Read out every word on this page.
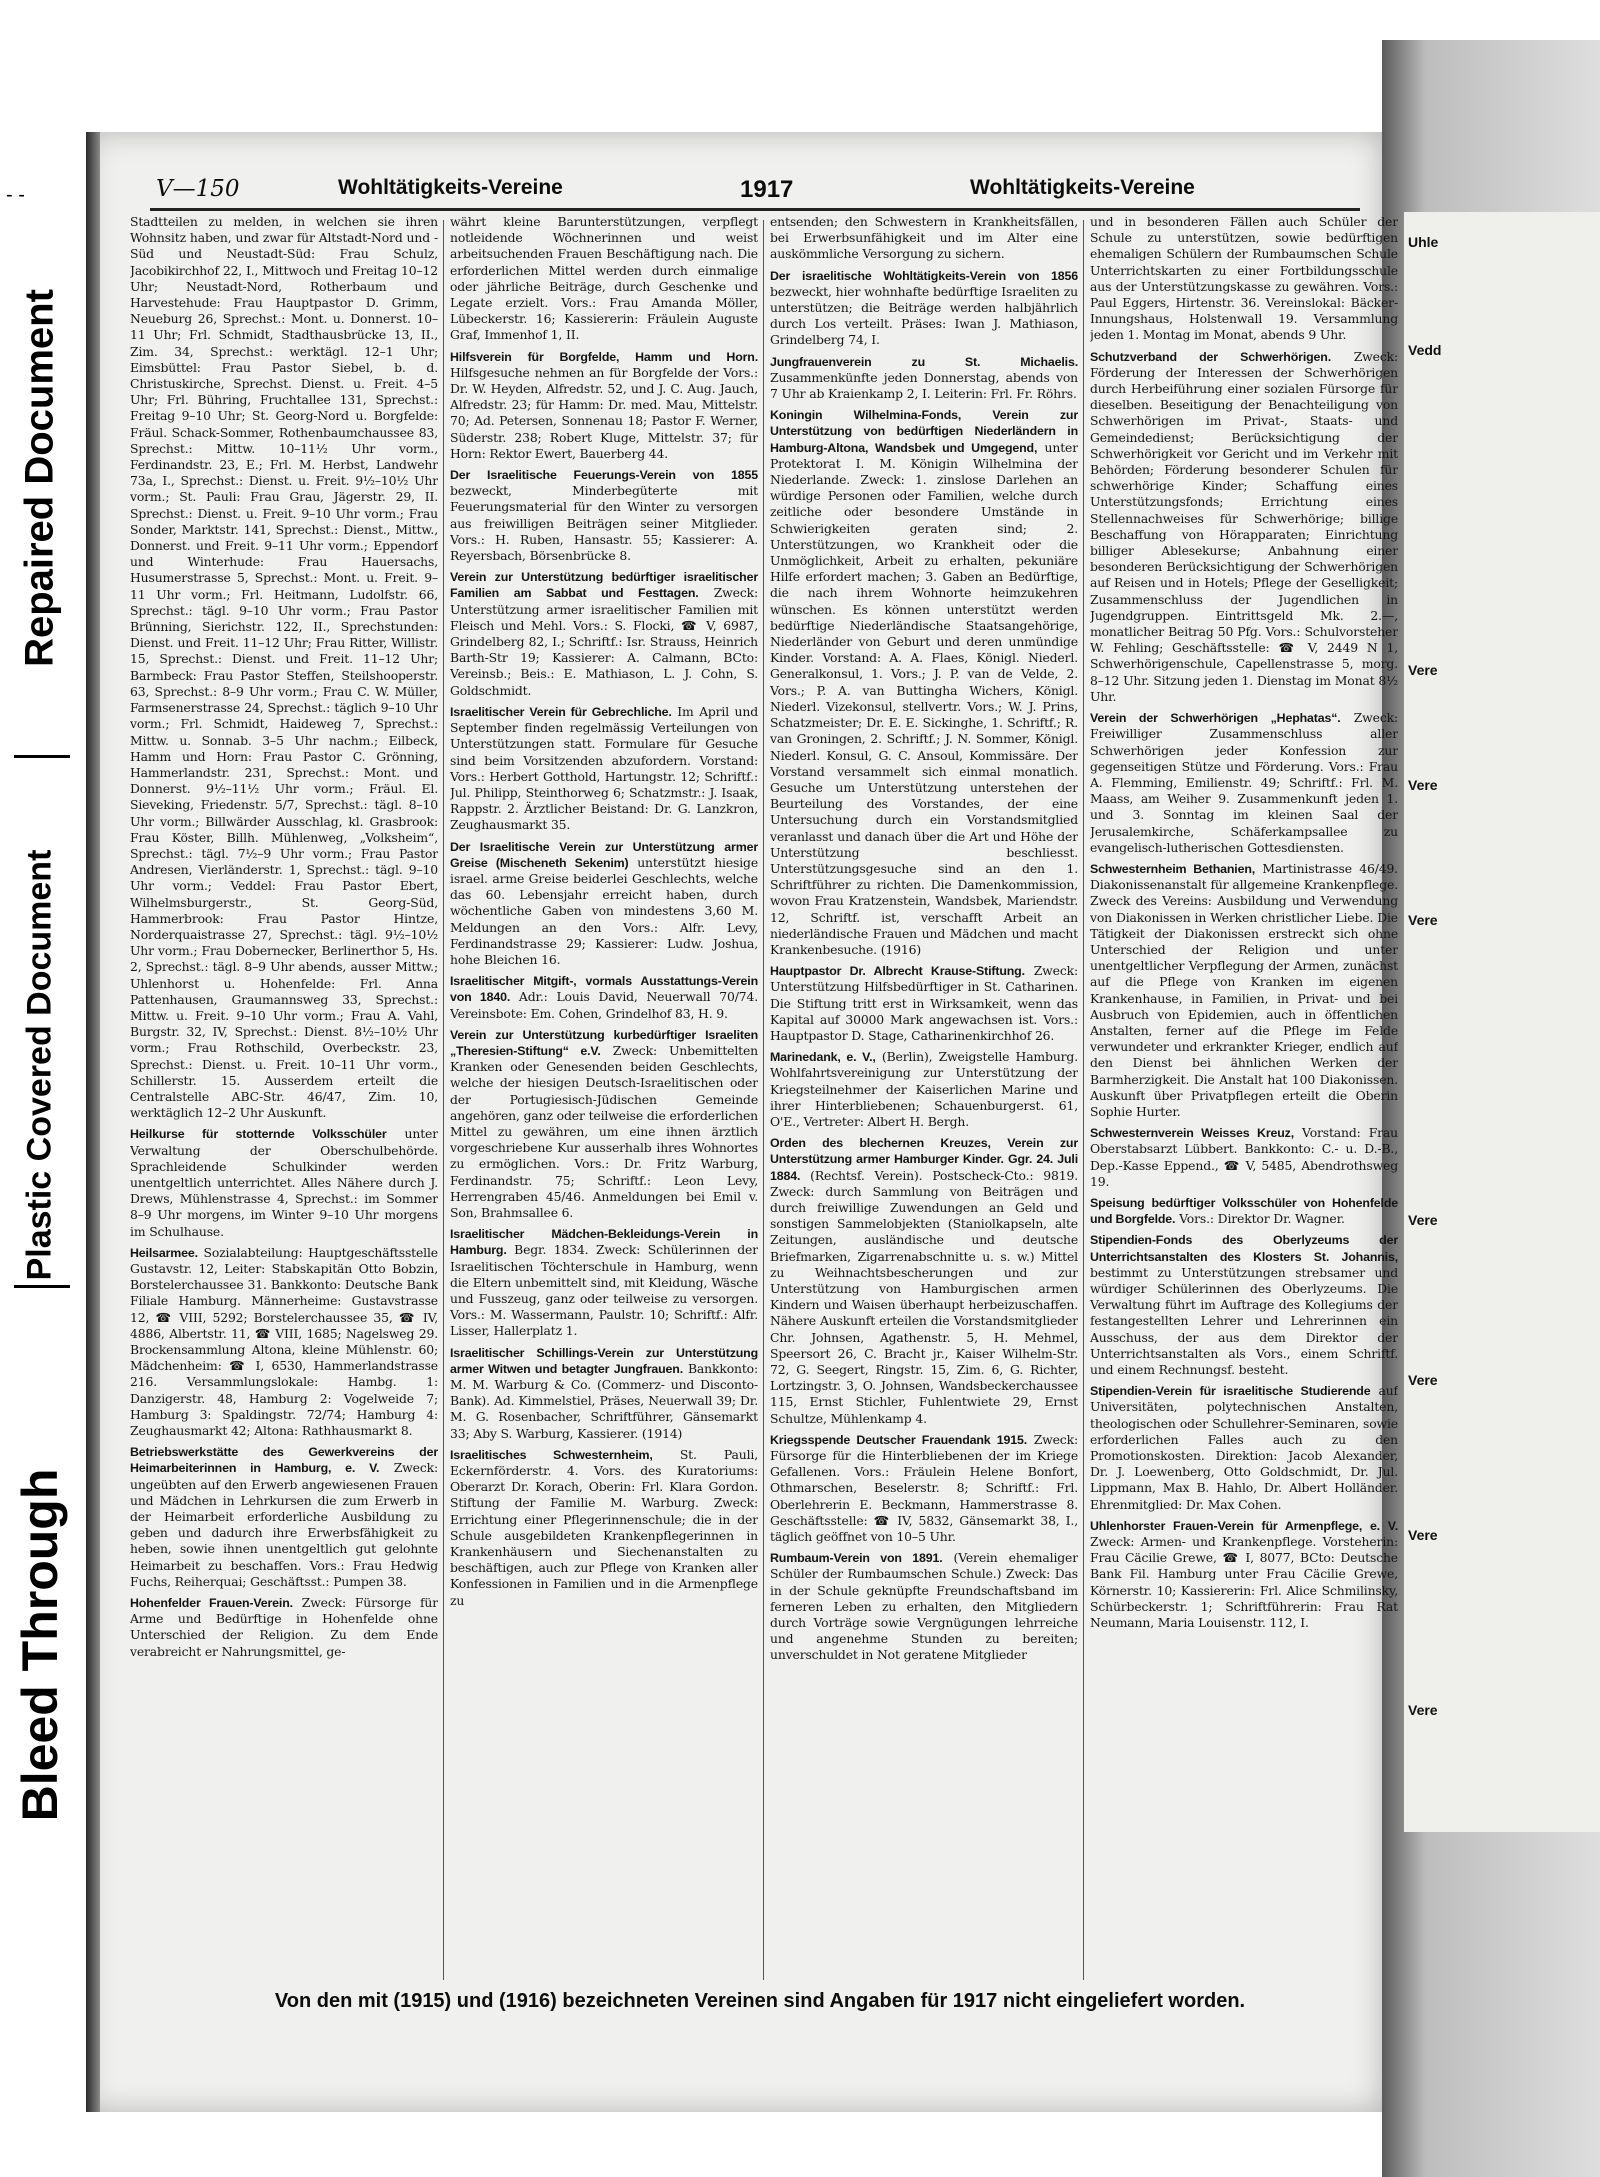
- -
Bleed Through
Plastic Covered Document
Repaired Document
Uhle
Vedd
Vere
Vere
Vere
Vere
Vere
Vere
Vere
V—150	Wohltätigkeits-Vereine	1917	Wohltätigkeits-Vereine

Stadtteilen zu melden, in welchen sie ihren Wohnsitz haben, und zwar für Altstadt-Nord und -Süd und Neustadt-Süd: Frau Schulz, Jacobikirchhof 22, I., Mittwoch und Freitag 10–12 Uhr; Neustadt-Nord, Rotherbaum und Harvestehude: Frau Hauptpastor D. Grimm, Neueburg 26, Sprechst.: Mont. u. Donnerst. 10–11 Uhr; Frl. Schmidt, Stadthausbrücke 13, II., Zim. 34, Sprechst.: werktägl. 12–1 Uhr; Eimsbüttel: Frau Pastor Siebel, b. d. Christuskirche, Sprechst. Dienst. u. Freit. 4–5 Uhr; Frl. Bühring, Fruchtallee 131, Sprechst.: Freitag 9–10 Uhr; St. Georg-Nord u. Borgfelde: Fräul. Schack-Sommer, Rothenbaumchaussee 83, Sprechst.: Mittw. 10–11½ Uhr vorm., Ferdinandstr. 23, E.; Frl. M. Herbst, Landwehr 73a, I., Sprechst.: Dienst. u. Freit. 9½–10½ Uhr vorm.; St. Pauli: Frau Grau, Jägerstr. 29, II. Sprechst.: Dienst. u. Freit. 9–10 Uhr vorm.; Frau Sonder, Marktstr. 141, Sprechst.: Dienst., Mittw., Donnerst. und Freit. 9–11 Uhr vorm.; Eppendorf und Winterhude: Frau Hauersachs, Husumerstrasse 5, Sprechst.: Mont. u. Freit. 9–11 Uhr vorm.; Frl. Heitmann, Ludolfstr. 66, Sprechst.: tägl. 9–10 Uhr vorm.; Frau Pastor Brünning, Sierichstr. 122, II., Sprechstunden: Dienst. und Freit. 11–12 Uhr; Frau Ritter, Willistr. 15, Sprechst.: Dienst. und Freit. 11–12 Uhr; Barmbeck: Frau Pastor Steffen, Steilshooperstr. 63, Sprechst.: 8–9 Uhr vorm.; Frau C. W. Müller, Farmsenerstrasse 24, Sprechst.: täglich 9–10 Uhr vorm.; Frl. Schmidt, Haideweg 7, Sprechst.: Mittw. u. Sonnab. 3–5 Uhr nachm.; Eilbeck, Hamm und Horn: Frau Pastor C. Grönning, Hammerlandstr. 231, Sprechst.: Mont. und Donnerst. 9½–11½ Uhr vorm.; Fräul. El. Sieveking, Friedenstr. 5/7, Sprechst.: tägl. 8–10 Uhr vorm.; Billwärder Ausschlag, kl. Grasbrook: Frau Köster, Billh. Mühlenweg, „Volksheim“, Sprechst.: tägl. 7½–9 Uhr vorm.; Frau Pastor Andresen, Vierländerstr. 1, Sprechst.: tägl. 9–10 Uhr vorm.; Veddel: Frau Pastor Ebert, Wilhelmsburgerstr., St. Georg-Süd, Hammerbrook: Frau Pastor Hintze, Norderquaistrasse 27, Sprechst.: tägl. 9½–10½ Uhr vorm.; Frau Dobernecker, Berlinerthor 5, Hs. 2, Sprechst.: tägl. 8–9 Uhr abends, ausser Mittw.; Uhlenhorst u. Hohenfelde: Frl. Anna Pattenhausen, Graumannsweg 33, Sprechst.: Mittw. u. Freit. 9–10 Uhr vorm.; Frau A. Vahl, Burgstr. 32, IV, Sprechst.: Dienst. 8½–10½ Uhr vorm.; Frau Rothschild, Overbeckstr. 23, Sprechst.: Dienst. u. Freit. 10–11 Uhr vorm., Schillerstr. 15. Ausserdem erteilt die Centralstelle ABC-Str. 46/47, Zim. 10, werktäglich 12–2 Uhr Auskunft.

Heilkurse für stotternde Volksschüler unter Verwaltung der Oberschulbehörde. Sprachleidende Schulkinder werden unentgeltlich unterrichtet. Alles Nähere durch J. Drews, Mühlenstrasse 4, Sprechst.: im Sommer 8–9 Uhr morgens, im Winter 9–10 Uhr morgens im Schulhause.

Heilsarmee. Sozialabteilung: Hauptgeschäftsstelle Gustavstr. 12, Leiter: Stabskapitän Otto Bobzin, Borstelerchaussee 31. Bankkonto: Deutsche Bank Filiale Hamburg. Männerheime: Gustavstrasse 12, ☎ VIII, 5292; Borstelerchaussee 35, ☎ IV, 4886, Albertstr. 11, ☎ VIII, 1685; Nagelsweg 29. Brockensammlung Altona, kleine Mühlenstr. 60; Mädchenheim: ☎ I, 6530, Hammerlandstrasse 216. Versammlungslokale: Hambg. 1: Danzigerstr. 48, Hamburg 2: Vogelweide 7; Hamburg 3: Spaldingstr. 72/74; Hamburg 4: Zeughausmarkt 42; Altona: Rathhausmarkt 8.

Betriebswerkstätte des Gewerkvereins der Heimarbeiterinnen in Hamburg, e. V. Zweck: ungeübten auf den Erwerb angewiesenen Frauen und Mädchen in Lehrkursen die zum Erwerb in der Heimarbeit erforderliche Ausbildung zu geben und dadurch ihre Erwerbsfähigkeit zu heben, sowie ihnen unentgeltlich gut gelohnte Heimarbeit zu beschaffen. Vors.: Frau Hedwig Fuchs, Reiherquai; Geschäftsst.: Pumpen 38.

Hohenfelder Frauen-Verein. Zweck: Fürsorge für Arme und Bedürftige in Hohenfelde ohne Unterschied der Religion. Zu dem Ende verabreicht er Nahrungsmittel, ge-

währt kleine Barunterstützungen, verpflegt notleidende Wöchnerinnen und weist arbeitsuchenden Frauen Beschäftigung nach. Die erforderlichen Mittel werden durch einmalige oder jährliche Beiträge, durch Geschenke und Legate erzielt. Vors.: Frau Amanda Möller, Lübeckerstr. 16; Kassiererin: Fräulein Auguste Graf, Immenhof 1, II.

Hilfsverein für Borgfelde, Hamm und Horn. Hilfsgesuche nehmen an für Borgfelde der Vors.: Dr. W. Heyden, Alfredstr. 52, und J. C. Aug. Jauch, Alfredstr. 23; für Hamm: Dr. med. Mau, Mittelstr. 70; Ad. Petersen, Sonnenau 18; Pastor F. Werner, Süderstr. 238; Robert Kluge, Mittelstr. 37; für Horn: Rektor Ewert, Bauerberg 44.

Der Israelitische Feuerungs-Verein von 1855 bezweckt, Minderbegüterte mit Feuerungsmaterial für den Winter zu versorgen aus freiwilligen Beiträgen seiner Mitglieder. Vors.: H. Ruben, Hansastr. 55; Kassierer: A. Reyersbach, Börsenbrücke 8.

Verein zur Unterstützung bedürftiger israelitischer Familien am Sabbat und Festtagen. Zweck: Unterstützung armer israelitischer Familien mit Fleisch und Mehl. Vors.: S. Flocki, ☎ V, 6987, Grindelberg 82, I.; Schriftf.: Isr. Strauss, Heinrich Barth-Str 19; Kassierer: A. Calmann, BCto: Vereinsb.; Beis.: E. Mathiason, L. J. Cohn, S. Goldschmidt.

Israelitischer Verein für Gebrechliche. Im April und September finden regelmässig Verteilungen von Unterstützungen statt. Formulare für Gesuche sind beim Vorsitzenden abzufordern. Vorstand: Vors.: Herbert Gotthold, Hartungstr. 12; Schriftf.: Jul. Philipp, Steinthorweg 6; Schatzmstr.: J. Isaak, Rappstr. 2. Ärztlicher Beistand: Dr. G. Lanzkron, Zeughausmarkt 35.

Der Israelitische Verein zur Unterstützung armer Greise (Mischeneth Sekenim) unterstützt hiesige israel. arme Greise beiderlei Geschlechts, welche das 60. Lebensjahr erreicht haben, durch wöchentliche Gaben von mindestens 3,60 M. Meldungen an den Vors.: Alfr. Levy, Ferdinandstrasse 29; Kassierer: Ludw. Joshua, hohe Bleichen 16.

Israelitischer Mitgift-, vormals Ausstattungs-Verein von 1840. Adr.: Louis David, Neuerwall 70/74. Vereinsbote: Em. Cohen, Grindelhof 83, H. 9.

Verein zur Unterstützung kurbedürftiger Israeliten „Theresien-Stiftung“ e.V. Zweck: Unbemittelten Kranken oder Genesenden beiden Geschlechts, welche der hiesigen Deutsch-Israelitischen oder der Portugiesisch-Jüdischen Gemeinde angehören, ganz oder teilweise die erforderlichen Mittel zu gewähren, um eine ihnen ärztlich vorgeschriebene Kur ausserhalb ihres Wohnortes zu ermöglichen. Vors.: Dr. Fritz Warburg, Ferdinandstr. 75; Schriftf.: Leon Levy, Herrengraben 45/46. Anmeldungen bei Emil v. Son, Brahmsallee 6.

Israelitischer Mädchen-Bekleidungs-Verein in Hamburg. Begr. 1834. Zweck: Schülerinnen der Israelitischen Töchterschule in Hamburg, wenn die Eltern unbemittelt sind, mit Kleidung, Wäsche und Fusszeug, ganz oder teilweise zu versorgen. Vors.: M. Wassermann, Paulstr. 10; Schriftf.: Alfr. Lisser, Hallerplatz 1.

Israelitischer Schillings-Verein zur Unterstützung armer Witwen und betagter Jungfrauen. Bankkonto: M. M. Warburg & Co. (Commerz- und Disconto-Bank). Ad. Kimmelstiel, Präses, Neuerwall 39; Dr. M. G. Rosenbacher, Schriftführer, Gänsemarkt 33; Aby S. Warburg, Kassierer. (1914)

Israelitisches Schwesternheim, St. Pauli, Eckernförderstr. 4. Vors. des Kuratoriums: Oberarzt Dr. Korach, Oberin: Frl. Klara Gordon. Stiftung der Familie M. Warburg. Zweck: Errichtung einer Pflegerinnenschule; die in der Schule ausgebildeten Krankenpflegerinnen in Krankenhäusern und Siechenanstalten zu beschäftigen, auch zur Pflege von Kranken aller Konfessionen in Familien und in die Armenpflege zu

entsenden; den Schwestern in Krankheitsfällen, bei Erwerbsunfähigkeit und im Alter eine auskömmliche Versorgung zu sichern.

Der israelitische Wohltätigkeits-Verein von 1856 bezweckt, hier wohnhafte bedürftige Israeliten zu unterstützen; die Beiträge werden halbjährlich durch Los verteilt. Präses: Iwan J. Mathiason, Grindelberg 74, I.

Jungfrauenverein zu St. Michaelis. Zusammenkünfte jeden Donnerstag, abends von 7 Uhr ab Kraienkamp 2, I. Leiterin: Frl. Fr. Röhrs.

Koningin Wilhelmina-Fonds, Verein zur Unterstützung von bedürftigen Niederländern in Hamburg-Altona, Wandsbek und Umgegend, unter Protektorat I. M. Königin Wilhelmina der Niederlande. Zweck: 1. zinslose Darlehen an würdige Personen oder Familien, welche durch zeitliche oder besondere Umstände in Schwierigkeiten geraten sind; 2. Unterstützungen, wo Krankheit oder die Unmöglichkeit, Arbeit zu erhalten, pekuniäre Hilfe erfordert machen; 3. Gaben an Bedürftige, die nach ihrem Wohnorte heimzukehren wünschen. Es können unterstützt werden bedürftige Niederländische Staatsangehörige, Niederländer von Geburt und deren unmündige Kinder. Vorstand: A. A. Flaes, Königl. Niederl. Generalkonsul, 1. Vors.; J. P. van de Velde, 2. Vors.; P. A. van Buttingha Wichers, Königl. Niederl. Vizekonsul, stellvertr. Vors.; W. J. Prins, Schatzmeister; Dr. E. E. Sickinghe, 1. Schriftf.; R. van Groningen, 2. Schriftf.; J. N. Sommer, Königl. Niederl. Konsul, G. C. Ansoul, Kommissäre. Der Vorstand versammelt sich einmal monatlich. Gesuche um Unterstützung unterstehen der Beurteilung des Vorstandes, der eine Untersuchung durch ein Vorstandsmitglied veranlasst und danach über die Art und Höhe der Unterstützung beschliesst. Unterstützungsgesuche sind an den 1. Schriftführer zu richten. Die Damenkommission, wovon Frau Kratzenstein, Wandsbek, Mariendstr. 12, Schriftf. ist, verschafft Arbeit an niederländische Frauen und Mädchen und macht Krankenbesuche. (1916)

Hauptpastor Dr. Albrecht Krause-Stiftung. Zweck: Unterstützung Hilfsbedürftiger in St. Catharinen. Die Stiftung tritt erst in Wirksamkeit, wenn das Kapital auf 30000 Mark angewachsen ist. Vors.: Hauptpastor D. Stage, Catharinenkirchhof 26.

Marinedank, e. V., (Berlin), Zweigstelle Hamburg. Wohlfahrtsvereinigung zur Unterstützung der Kriegsteilnehmer der Kaiserlichen Marine und ihrer Hinterbliebenen; Schauenburgerst. 61, O'E., Vertreter: Albert H. Bergh.

Orden des blechernen Kreuzes, Verein zur Unterstützung armer Hamburger Kinder. Ggr. 24. Juli 1884. (Rechtsf. Verein). Postscheck-Cto.: 9819. Zweck: durch Sammlung von Beiträgen und durch freiwillige Zuwendungen an Geld und sonstigen Sammelobjekten (Staniolkapseln, alte Zeitungen, ausländische und deutsche Briefmarken, Zigarrenabschnitte u. s. w.) Mittel zu Weihnachtsbescherungen und zur Unterstützung von Hamburgischen armen Kindern und Waisen überhaupt herbeizuschaffen. Nähere Auskunft erteilen die Vorstandsmitglieder Chr. Johnsen, Agathenstr. 5, H. Mehmel, Speersort 26, C. Bracht jr., Kaiser Wilhelm-Str. 72, G. Seegert, Ringstr. 15, Zim. 6, G. Richter, Lortzingstr. 3, O. Johnsen, Wandsbeckerchaussee 115, Ernst Stichler, Fuhlentwiete 29, Ernst Schultze, Mühlenkamp 4.

Kriegsspende Deutscher Frauendank 1915. Zweck: Fürsorge für die Hinterbliebenen der im Kriege Gefallenen. Vors.: Fräulein Helene Bonfort, Othmarschen, Beselerstr. 8; Schriftf.: Frl. Oberlehrerin E. Beckmann, Hammerstrasse 8. Geschäftsstelle: ☎ IV, 5832, Gänsemarkt 38, I., täglich geöffnet von 10–5 Uhr.

Rumbaum-Verein von 1891. (Verein ehemaliger Schüler der Rumbaumschen Schule.) Zweck: Das in der Schule geknüpfte Freundschaftsband im ferneren Leben zu erhalten, den Mitgliedern durch Vorträge sowie Vergnügungen lehrreiche und angenehme Stunden zu bereiten; unverschuldet in Not geratene Mitglieder

und in besonderen Fällen auch Schüler der Schule zu unterstützen, sowie bedürftigen ehemaligen Schülern der Rumbaumschen Schule Unterrichtskarten zu einer Fortbildungsschule aus der Unterstützungskasse zu gewähren. Vors.: Paul Eggers, Hirtenstr. 36. Vereinslokal: Bäcker-Innungshaus, Holstenwall 19. Versammlung jeden 1. Montag im Monat, abends 9 Uhr.

Schutzverband der Schwerhörigen. Zweck: Förderung der Interessen der Schwerhörigen durch Herbeiführung einer sozialen Fürsorge für dieselben. Beseitigung der Benachteiligung von Schwerhörigen im Privat-, Staats- und Gemeindedienst; Berücksichtigung der Schwerhörigkeit vor Gericht und im Verkehr mit Behörden; Förderung besonderer Schulen für schwerhörige Kinder; Schaffung eines Unterstützungsfonds; Errichtung eines Stellennachweises für Schwerhörige; billige Beschaffung von Hörapparaten; Einrichtung billiger Ablesekurse; Anbahnung einer besonderen Berücksichtigung der Schwerhörigen auf Reisen und in Hotels; Pflege der Geselligkeit; Zusammenschluss der Jugendlichen in Jugendgruppen. Eintrittsgeld Mk. 2.—, monatlicher Beitrag 50 Pfg. Vors.: Schulvorsteher W. Fehling; Geschäftsstelle: ☎ V, 2449 N 1, Schwerhörigenschule, Capellenstrasse 5, morg. 8–12 Uhr. Sitzung jeden 1. Dienstag im Monat 8½ Uhr.

Verein der Schwerhörigen „Hephatas“. Zweck: Freiwilliger Zusammenschluss aller Schwerhörigen jeder Konfession zur gegenseitigen Stütze und Förderung. Vors.: Frau A. Flemming, Emilienstr. 49; Schriftf.: Frl. M. Maass, am Weiher 9. Zusammenkunft jeden 1. und 3. Sonntag im kleinen Saal der Jerusalemkirche, Schäferkampsallee zu evangelisch-lutherischen Gottesdiensten.

Schwesternheim Bethanien, Martinistrasse 46/49. Diakonissenanstalt für allgemeine Krankenpflege. Zweck des Vereins: Ausbildung und Verwendung von Diakonissen in Werken christlicher Liebe. Die Tätigkeit der Diakonissen erstreckt sich ohne Unterschied der Religion und unter unentgeltlicher Verpflegung der Armen, zunächst auf die Pflege von Kranken im eigenen Krankenhause, in Familien, in Privat- und bei Ausbruch von Epidemien, auch in öffentlichen Anstalten, ferner auf die Pflege im Felde verwundeter und erkrankter Krieger, endlich auf den Dienst bei ähnlichen Werken der Barmherzigkeit. Die Anstalt hat 100 Diakonissen. Auskunft über Privatpflegen erteilt die Oberin Sophie Hurter.

Schwesternverein Weisses Kreuz, Vorstand: Frau Oberstabsarzt Lübbert. Bankkonto: C.- u. D.-B., Dep.-Kasse Eppend., ☎ V, 5485, Abendrothsweg 19.

Speisung bedürftiger Volksschüler von Hohenfelde und Borgfelde. Vors.: Direktor Dr. Wagner.

Stipendien-Fonds des Oberlyzeums der Unterrichtsanstalten des Klosters St. Johannis, bestimmt zu Unterstützungen strebsamer und würdiger Schülerinnen des Oberlyzeums. Die Verwaltung führt im Auftrage des Kollegiums der festangestellten Lehrer und Lehrerinnen ein Ausschuss, der aus dem Direktor der Unterrichtsanstalten als Vors., einem Schriftf. und einem Rechnungsf. besteht.

Stipendien-Verein für israelitische Studierende auf Universitäten, polytechnischen Anstalten, theologischen oder Schullehrer-Seminaren, sowie erforderlichen Falles auch zu den Promotionskosten. Direktion: Jacob Alexander, Dr. J. Loewenberg, Otto Goldschmidt, Dr. Jul. Lippmann, Max B. Hahlo, Dr. Albert Holländer. Ehrenmitglied: Dr. Max Cohen.

Uhlenhorster Frauen-Verein für Armenpflege, e. V. Zweck: Armen- und Krankenpflege. Vorsteherin: Frau Cäcilie Grewe, ☎ I, 8077, BCto: Deutsche Bank Fil. Hamburg unter Frau Cäcilie Grewe, Körnerstr. 10; Kassiererin: Frl. Alice Schmilinsky, Schürbeckerstr. 1; Schriftführerin: Frau Rat Neumann, Maria Louisenstr. 112, I.

Von den mit (1915) und (1916) bezeichneten Vereinen sind Angaben für 1917 nicht eingeliefert worden.
